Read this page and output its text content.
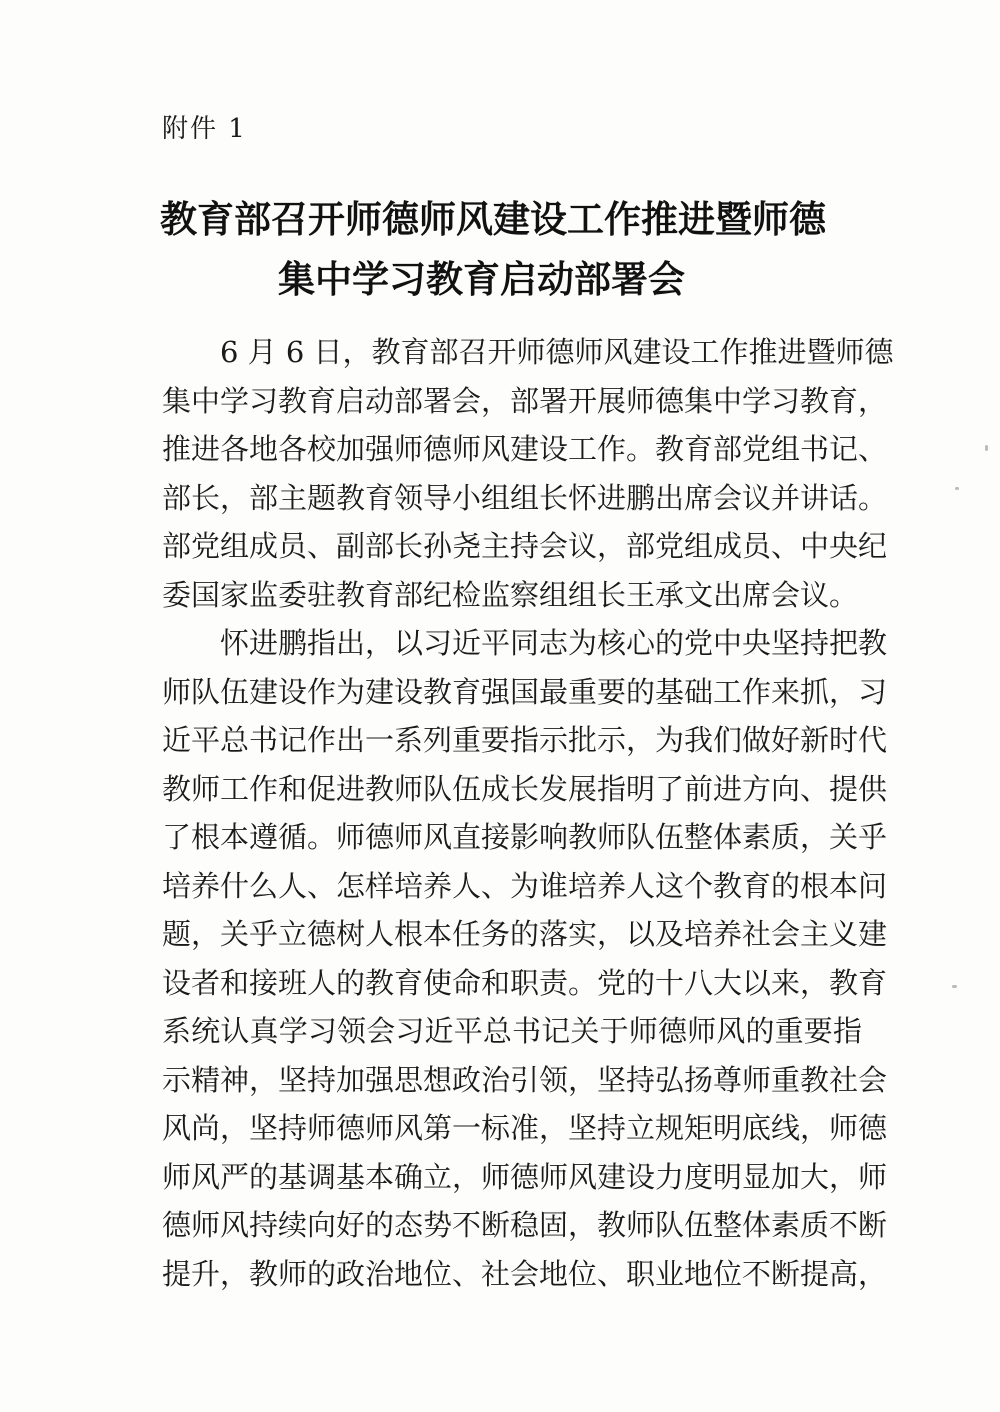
附件 1
教育部召开师德师风建设工作推进暨师德
集中学习教育启动部署会
6 月 6 日，教育部召开师德师风建设工作推进暨师德
集中学习教育启动部署会，部署开展师德集中学习教育，
推进各地各校加强师德师风建设工作。教育部党组书记、
部长，部主题教育领导小组组长怀进鹏出席会议并讲话。
部党组成员、副部长孙尧主持会议，部党组成员、中央纪
委国家监委驻教育部纪检监察组组长王承文出席会议。
怀进鹏指出，以习近平同志为核心的党中央坚持把教
师队伍建设作为建设教育强国最重要的基础工作来抓，习
近平总书记作出一系列重要指示批示，为我们做好新时代
教师工作和促进教师队伍成长发展指明了前进方向、提供
了根本遵循。师德师风直接影响教师队伍整体素质，关乎
培养什么人、怎样培养人、为谁培养人这个教育的根本问
题，关乎立德树人根本任务的落实，以及培养社会主义建
设者和接班人的教育使命和职责。党的十八大以来，教育
系统认真学习领会习近平总书记关于师德师风的重要指
示精神，坚持加强思想政治引领，坚持弘扬尊师重教社会
风尚，坚持师德师风第一标准，坚持立规矩明底线，师德
师风严的基调基本确立，师德师风建设力度明显加大，师
德师风持续向好的态势不断稳固，教师队伍整体素质不断
提升，教师的政治地位、社会地位、职业地位不断提高，
